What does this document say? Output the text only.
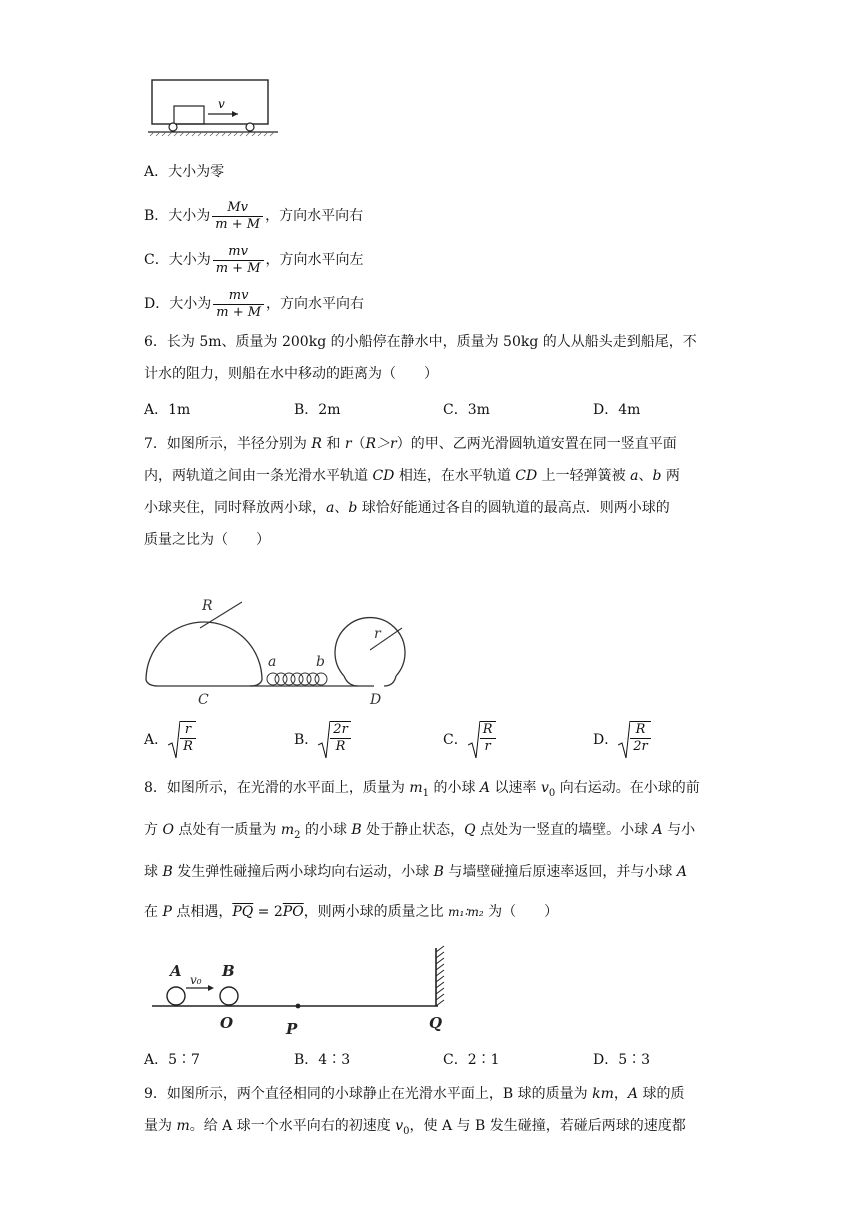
v
A．大小为零
B．大小为 $\frac{Mv}{m + M}$ ，方向水平向右
C．大小为 $\frac{mv}{m + M}$ ，方向水平向左
D．大小为 $\frac{mv}{m + M}$ ，方向水平向右
6．长为 5m、质量为 200kg 的小船停在静水中，质量为 50kg 的人从船头走到船尾，不
计水的阻力，则船在水中移动的距离为（　　）
A．1m	B．2m	C．3m	D．4m
7．如图所示，半径分别为 R 和 r（R＞r）的甲、乙两光滑圆轨道安置在同一竖直平面
内，两轨道之间由一条光滑水平轨道 CD 相连，在水平轨道 CD 上一轻弹簧被 a、b 两
小球夹住，同时释放两小球，a、b 球恰好能通过各自的圆轨道的最高点．则两小球的
质量之比为（　　）
R
r
a	b
C	D
A． $\frac{r}{R}$	B． $\frac{2r}{R}$	C． $\frac{R}{r}$	D． $\frac{R}{2r}$
8．如图所示，在光滑的水平面上，质量为 $m_1$ 的小球 A 以速率 $v_0$ 向右运动。在小球的前
方 O 点处有一质量为 $m_2$ 的小球 B 处于静止状态，Q 点处为一竖直的墙壁。小球 A 与小
球 B 发生弹性碰撞后两小球均向右运动，小球 B 与墙壁碰撞后原速率返回，并与小球 A
在 P 点相遇，$\overline{PQ} = 2\overline{PO}$，则两小球的质量之比 m₁∶m₂ 为（　　）
A v₀ B
O	P	Q
A．5∶7	B．4∶3	C．2∶1	D．5∶3
9．如图所示，两个直径相同的小球静止在光滑水平面上，B 球的质量为 km，A 球的质
量为 m。给 A 球一个水平向右的初速度 $v_0$，使 A 与 B 发生碰撞，若碰后两球的速度都
